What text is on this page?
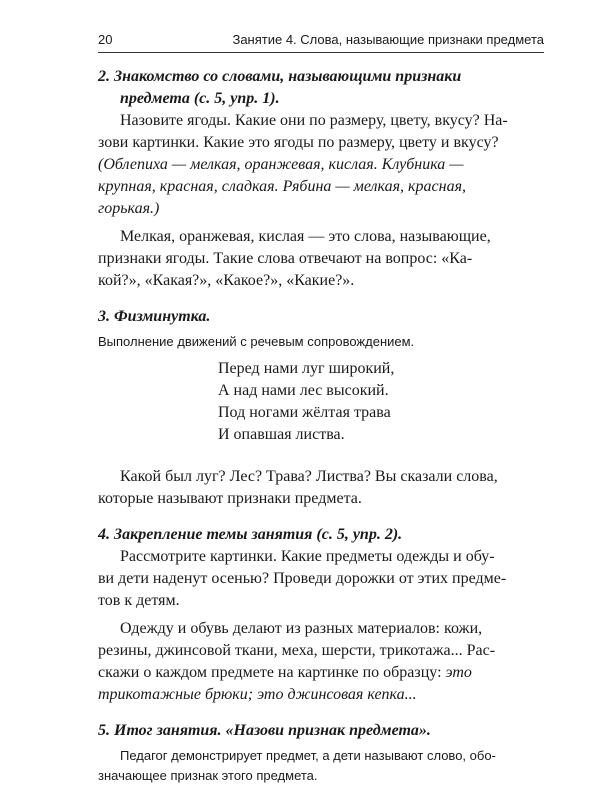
20	Занятие 4. Слова, называющие признаки предмета

2. Знакомство со словами, называющими признаки

предмета (с. 5, упр. 1).

Назовите ягоды. Какие они по размеру, цвету, вкусу? На-

зови картинки. Какие это ягоды по размеру, цвету и вкусу?

(Облепиха — мелкая, оранжевая, кислая. Клубника —

крупная, красная, сладкая. Рябина — мелкая, красная,

горькая.)

Мелкая, оранжевая, кислая — это слова, называющие,

признаки ягоды. Такие слова отвечают на вопрос: «Ка-

кой?», «Какая?», «Какое?», «Какие?».

3. Физминутка.

Выполнение движений с речевым сопровождением.

Перед нами луг широкий,

А над нами лес высокий.

Под ногами жёлтая трава

И опавшая листва.

Какой был луг? Лес? Трава? Листва? Вы сказали слова,

которые называют признаки предмета.

4. Закрепление темы занятия (с. 5, упр. 2).

Рассмотрите картинки. Какие предметы одежды и обу-

ви дети наденут осенью? Проведи дорожки от этих предме-

тов к детям.

Одежду и обувь делают из разных материалов: кожи,

резины, джинсовой ткани, меха, шерсти, трикотажа... Рас-

скажи о каждом предмете на картинке по образцу: это

трикотажные брюки; это джинсовая кепка...

5. Итог занятия. «Назови признак предмета».

Педагог демонстрирует предмет, а дети называют слово, обо-

значающее признак этого предмета.
